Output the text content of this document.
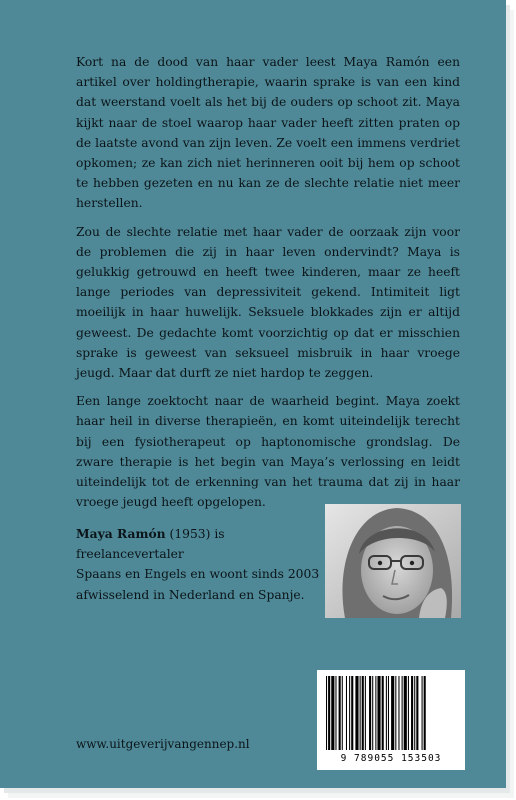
Kort na de dood van haar vader leest Maya Ramón een artikel over holdingtherapie, waarin sprake is van een kind dat weerstand voelt als het bij de ouders op schoot zit. Maya kijkt naar de stoel waarop haar vader heeft zitten praten op de laatste avond van zijn leven. Ze voelt een immens verdriet opkomen; ze kan zich niet herinneren ooit bij hem op schoot te hebben gezeten en nu kan ze de slechte relatie niet meer herstellen.

Zou de slechte relatie met haar vader de oorzaak zijn voor de problemen die zij in haar leven ondervindt? Maya is gelukkig getrouwd en heeft twee kinderen, maar ze heeft lange periodes van depressiviteit gekend. Intimiteit ligt moeilijk in haar huwelijk. Seksuele blokkades zijn er altijd geweest. De gedachte komt voorzichtig op dat er misschien sprake is geweest van seksueel misbruik in haar vroege jeugd. Maar dat durft ze niet hardop te zeggen.

Een lange zoektocht naar de waarheid begint. Maya zoekt haar heil in diverse therapieën, en komt uiteindelijk terecht bij een fysiotherapeut op haptonomische grondslag. De zware therapie is het begin van Maya’s verlossing en leidt uiteindelijk tot de erkenning van het trauma dat zij in haar vroege jeugd heeft opgelopen.

Maya Ramón (1953) is freelancevertaler
Spaans en Engels en woont sinds 2003
afwisselend in Nederland en Spanje.
9 789055 153503
www.uitgeverijvangennep.nl
